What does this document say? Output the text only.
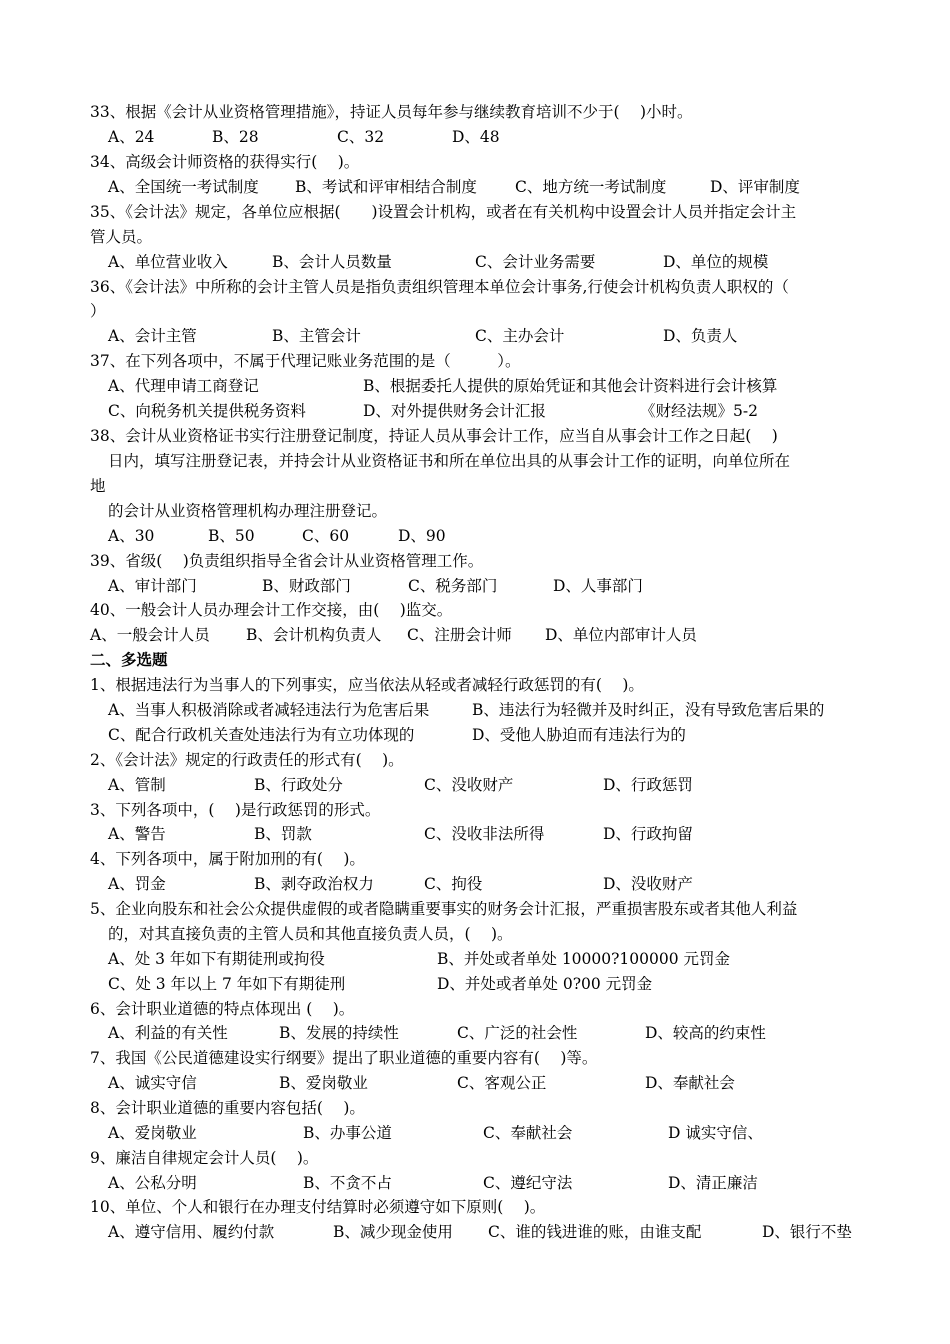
33、根据《会计从业资格管理措施》，持证人员每年参与继续教育培训不少于(　 )小时。
A、24	B、28	C、32	D、48
34、高级会计师资格的获得实行(　 )。
A、全国统一考试制度 B、考试和评审相结合制度 C、地方统一考试制度	D、评审制度
35、《会计法》规定，各单位应根据(　　)设置会计机构，或者在有关机构中设置会计人员并指定会计主
管人员。
A、单位营业收入	B、会计人员数量	C、会计业务需要	D、单位的规模
36、《会计法》中所称的会计主管人员是指负责组织管理本单位会计事务,行使会计机构负责人职权的（
）
A、会计主管	B、主管会计	C、主办会计	D、负责人
37、在下列各项中，不属于代理记账业务范围的是（　　　）。
A、代理申请工商登记	B、根据委托人提供的原始凭证和其他会计资料进行会计核算
C、向税务机关提供税务资料	D、对外提供财务会计汇报	《财经法规》5-2
38、会计从业资格证书实行注册登记制度，持证人员从事会计工作，应当自从事会计工作之日起(　 )
日内，填写注册登记表，并持会计从业资格证书和所在单位出具的从事会计工作的证明，向单位所在
地
的会计从业资格管理机构办理注册登记。
A、30	B、50	C、60	D、90
39、省级(　 )负责组织指导全省会计从业资格管理工作。
A、审计部门	B、财政部门	C、税务部门	D、人事部门
40、一般会计人员办理会计工作交接，由(　 )监交。
A、一般会计人员 B、会计机构负责人 C、注册会计师 D、单位内部审计人员
二、多选题
1、根据违法行为当事人的下列事实，应当依法从轻或者减轻行政惩罚的有(　 )。
A、当事人积极消除或者减轻违法行为危害后果	B、违法行为轻微并及时纠正，没有导致危害后果的
C、配合行政机关查处违法行为有立功体现的	D、受他人胁迫而有违法行为的
2、《会计法》规定的行政责任的形式有(　 )。
A、管制	B、行政处分	C、没收财产	D、行政惩罚
3、下列各项中，(　 )是行政惩罚的形式。
A、警告	B、罚款	C、没收非法所得	D、行政拘留
4、下列各项中，属于附加刑的有(　 )。
A、罚金	B、剥夺政治权力	C、拘役	D、没收财产
5、企业向股东和社会公众提供虚假的或者隐瞒重要事实的财务会计汇报，严重损害股东或者其他人利益
的，对其直接负责的主管人员和其他直接负责人员，(　 )。
A、处 3 年如下有期徒刑或拘役	B、并处或者单处 10000?100000 元罚金
C、处 3 年以上 7 年如下有期徒刑	D、并处或者单处 0?00 元罚金
6、会计职业道德的特点体现出 (　 )。
A、利益的有关性	B、发展的持续性	C、广泛的社会性	D、较高的约束性
7、我国《公民道德建设实行纲要》提出了职业道德的重要内容有(　 )等。
A、诚实守信	B、爱岗敬业	C、客观公正	D、奉献社会
8、会计职业道德的重要内容包括(　 )。
A、爱岗敬业	B、办事公道	C、奉献社会	D 诚实守信、
9、廉洁自律规定会计人员(　 )。
A、公私分明	B、不贪不占	C、遵纪守法	D、清正廉洁
10、单位、个人和银行在办理支付结算时必须遵守如下原则(　 )。
A、遵守信用、履约付款	B、减少现金使用 C、谁的钱进谁的账，由谁支配	D、银行不垫
